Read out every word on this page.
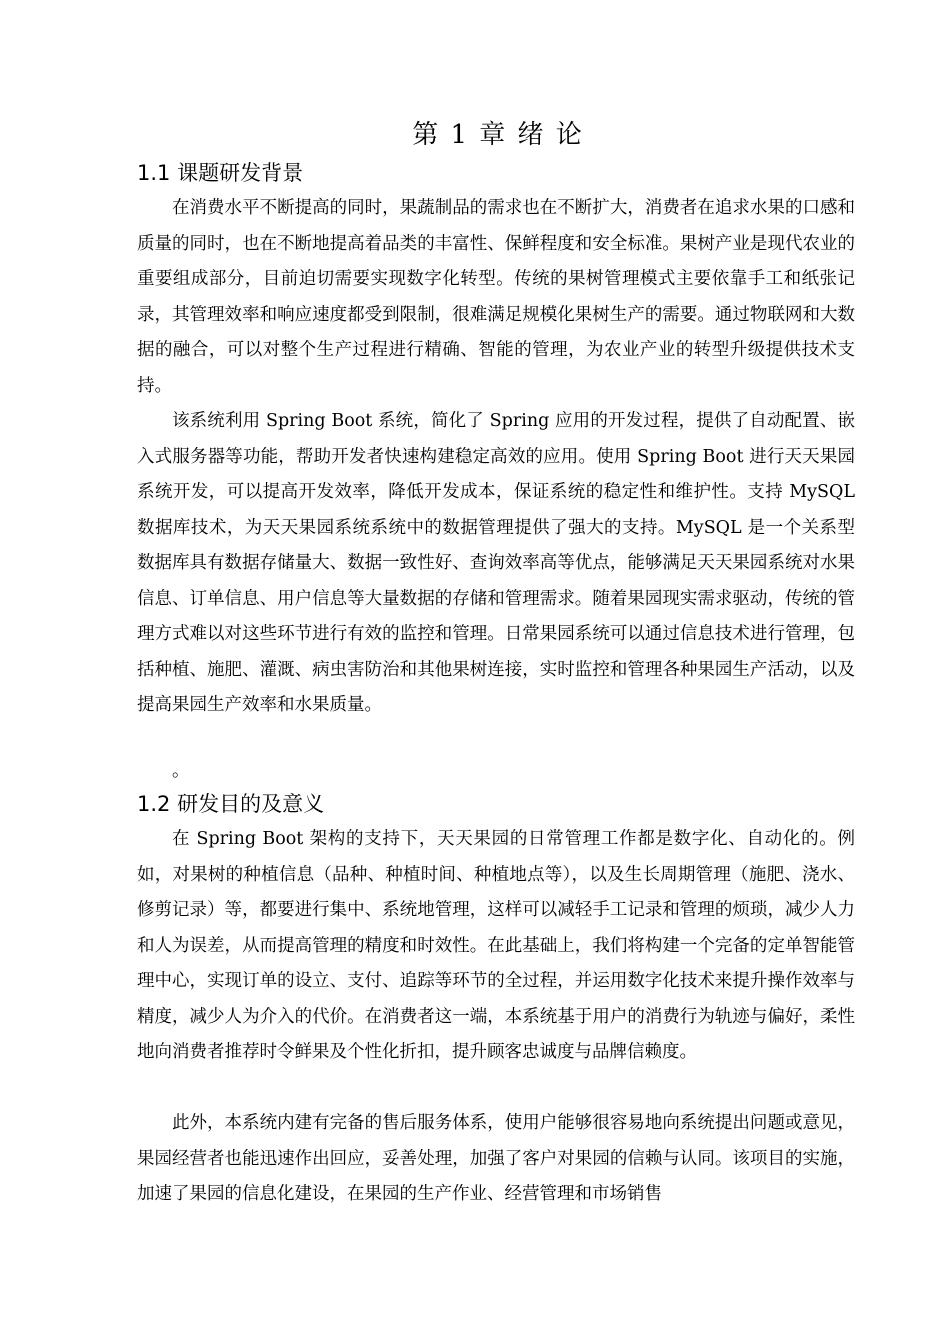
第 1 章 绪 论
1.1 课题研发背景

在消费水平不断提高的同时，果蔬制品的需求也在不断扩大，消费者在追求水果的口感和质量的同时，也在不断地提高着品类的丰富性、保鲜程度和安全标准。果树产业是现代农业的重要组成部分，目前迫切需要实现数字化转型。传统的果树管理模式主要依靠手工和纸张记录，其管理效率和响应速度都受到限制，很难满足规模化果树生产的需要。通过物联网和大数据的融合，可以对整个生产过程进行精确、智能的管理，为农业产业的转型升级提供技术支持。

该系统利用 Spring Boot 系统，简化了 Spring 应用的开发过程，提供了自动配置、嵌入式服务器等功能，帮助开发者快速构建稳定高效的应用。使用 Spring Boot 进行天天果园系统开发，可以提高开发效率，降低开发成本，保证系统的稳定性和维护性。支持 MySQL 数据库技术，为天天果园系统系统中的数据管理提供了强大的支持。MySQL 是一个关系型数据库具有数据存储量大、数据一致性好、查询效率高等优点，能够满足天天果园系统对水果信息、订单信息、用户信息等大量数据的存储和管理需求。随着果园现实需求驱动，传统的管理方式难以对这些环节进行有效的监控和管理。日常果园系统可以通过信息技术进行管理，包括种植、施肥、灌溉、病虫害防治和其他果树连接，实时监控和管理各种果园生产活动，以及提高果园生产效率和水果质量。

。
1.2 研发目的及意义

在 Spring Boot 架构的支持下，天天果园的日常管理工作都是数字化、自动化的。例如，对果树的种植信息（品种、种植时间、种植地点等），以及生长周期管理（施肥、浇水、修剪记录）等，都要进行集中、系统地管理，这样可以减轻手工记录和管理的烦琐，减少人力和人为误差，从而提高管理的精度和时效性。在此基础上，我们将构建一个完备的定单智能管理中心，实现订单的设立、支付、追踪等环节的全过程，并运用数字化技术来提升操作效率与精度，减少人为介入的代价。在消费者这一端，本系统基于用户的消费行为轨迹与偏好，柔性地向消费者推荐时令鲜果及个性化折扣，提升顾客忠诚度与品牌信赖度。

此外，本系统内建有完备的售后服务体系，使用户能够很容易地向系统提出问题或意见，果园经营者也能迅速作出回应，妥善处理，加强了客户对果园的信赖与认同。该项目的实施，加速了果园的信息化建设，在果园的生产作业、经营管理和市场销售
